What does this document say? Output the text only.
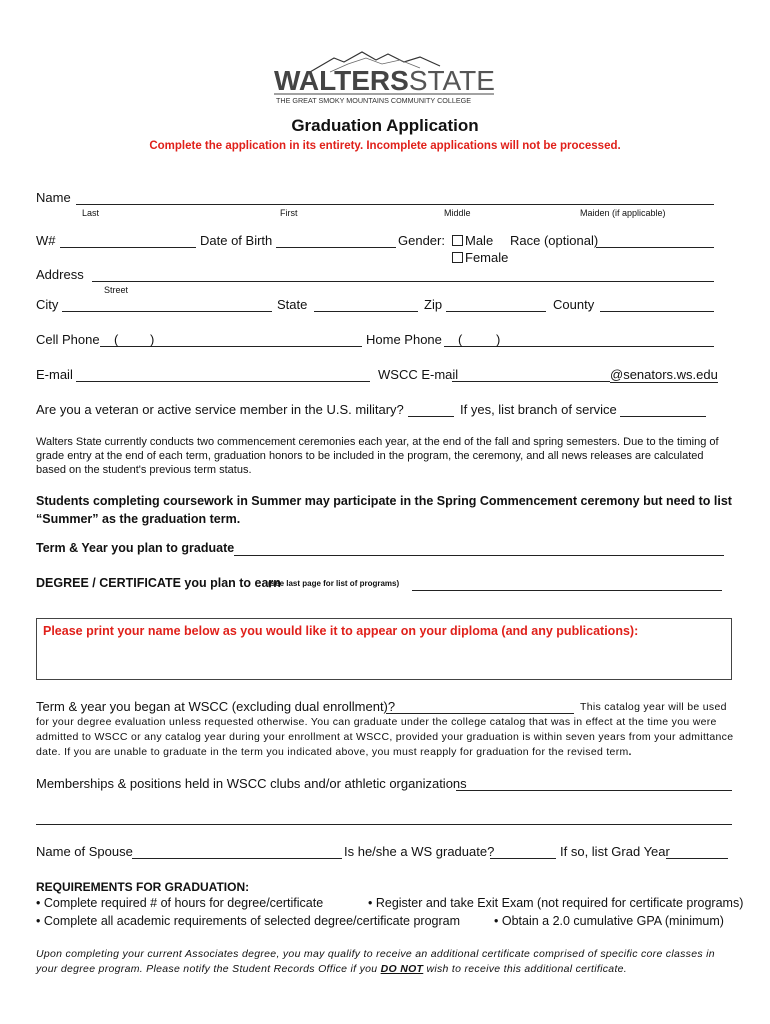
WALTERSSTATE
THE GREAT SMOKY MOUNTAINS COMMUNITY COLLEGE
Graduation Application
Complete the application in its entirety. Incomplete applications will not be processed.
Name
Last	First	Middle	Maiden (if applicable)
W#	Date of Birth	Gender:	Male
Female
Race (optional)
Address
Street
City	State	Zip	County
Cell Phone ( )	Home Phone (	)
E-mail	WSCC E-mail	@senators.ws.edu
Are you a veteran or active service member in the U.S. military?	If yes, list branch of service
Walters State currently conducts two commencement ceremonies each year, at the end of the fall and spring semesters. Due to the timing of grade entry at the end of each term, graduation honors to be included in the program, the ceremony, and all news releases are calculated based on the student's previous term status.
Students completing coursework in Summer may participate in the Spring Commencement ceremony but need to list
“Summer” as the graduation term.
Term & Year you plan to graduate
DEGREE / CERTIFICATE you plan to earn
(see last page for list of programs)
Please print your name below as you would like it to appear on your diploma (and any publications):
Term & year you began at WSCC (excluding dual enrollment)?	This catalog year will be used
for your degree evaluation unless requested otherwise. You can graduate under the college catalog that was in effect at the time you were admitted to WSCC or any catalog year during your enrollment at WSCC, provided your graduation is within seven years from your admittance date. If you are unable to graduate in the term you indicated above, you must reapply for graduation for the revised term.
Memberships & positions held in WSCC clubs and/or athletic organizations
Name of Spouse	Is he/she a WS graduate?	If so, list Grad Year
REQUIREMENTS FOR GRADUATION:
• Complete required # of hours for degree/certificate	• Register and take Exit Exam (not required for certificate programs)
• Complete all academic requirements of selected degree/certificate program	• Obtain a 2.0 cumulative GPA (minimum)
Upon completing your current Associates degree, you may qualify to receive an additional certificate comprised of specific core classes in your degree program. Please notify the Student Records Office if you DO NOT wish to receive this additional certificate.
